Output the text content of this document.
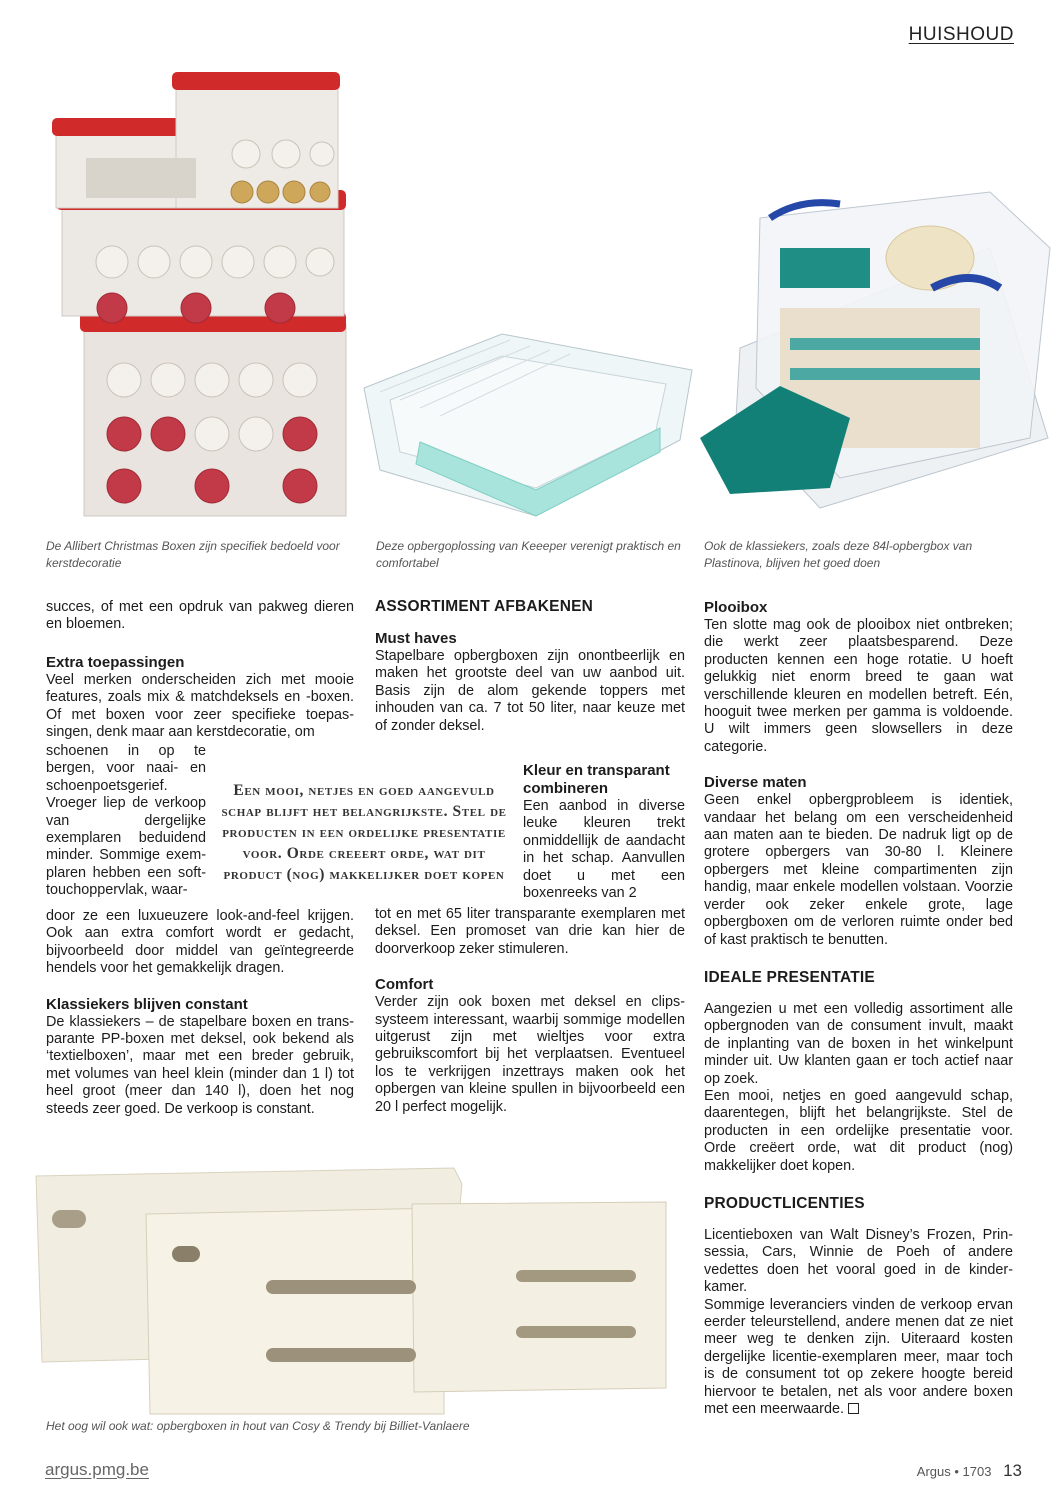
HUISHOUD
De Allibert Christmas Boxen zijn specifiek bedoeld voor kerstdecoratie
Deze opbergoplossing van Keeeper verenigt praktisch en comfortabel
Ook de klassiekers, zoals deze 84l-opbergbox van Plastinova, blijven het goed doen
Het oog wil ook wat: opbergboxen in hout van Cosy & Trendy bij Billiet-Vanlaere

succes, of met een opdruk van pakweg dieren en bloemen.

Extra toepassingen

Veel merken onderscheiden zich met mooie features, zoals mix & matchdeksels en -boxen. Of met boxen voor zeer specifieke toepas- singen, denk maar aan kerstdecoratie, om

schoenen in op te bergen, voor naai- en schoenpoetsgerief. Vroeger liep de verkoop van dergelijke exemplaren beduidend minder. Sommige exem- plaren hebben een soft- touchoppervlak, waar-

door ze een luxueuzere look-and-feel krijgen. Ook aan extra comfort wordt er gedacht, bijvoorbeeld door middel van geïntegreerde hendels voor het gemakkelijk dragen.

Klassiekers blijven constant

De klassiekers – de stapelbare boxen en trans- parante PP-boxen met deksel, ook bekend als ‘textielboxen’, maar met een breder gebruik, met volumes van heel klein (minder dan 1 l) tot heel groot (meer dan 140 l), doen het nog steeds zeer goed. De verkoop is constant.

Een mooi, netjes en goed aangevuld schap blijft het belangrijkste. Stel de producten in een ordelijke presentatie voor. Orde creeert orde, wat dit product (nog) makkelijker doet kopen
ASSORTIMENT AFBAKENEN
Must haves

Stapelbare opbergboxen zijn onontbeerlijk en maken het grootste deel van uw aanbod uit. Basis zijn de alom gekende toppers met inhouden van ca. 7 tot 50 liter, naar keuze met of zonder deksel.

Kleur en transparant combineren

Een aanbod in diverse leuke kleuren trekt onmiddellijk de aandacht in het schap. Aanvullen doet u met een boxenreeks van 2

tot en met 65 liter transparante exemplaren met deksel. Een promoset van drie kan hier de doorverkoop zeker stimuleren.

Comfort

Verder zijn ook boxen met deksel en clips- systeem interessant, waarbij sommige modellen uitgerust zijn met wieltjes voor extra gebruikscomfort bij het verplaatsen. Eventueel los te verkrijgen inzettrays maken ook het opbergen van kleine spullen in bijvoorbeeld een 20 l perfect mogelijk.

Plooibox

Ten slotte mag ook de plooibox niet ontbreken; die werkt zeer plaatsbesparend. Deze producten kennen een hoge rotatie. U hoeft gelukkig niet enorm breed te gaan wat verschillende kleuren en modellen betreft. Eén, hooguit twee merken per gamma is voldoende. U wilt immers geen slowsellers in deze categorie.

Diverse maten

Geen enkel opbergprobleem is identiek, vandaar het belang om een verscheidenheid aan maten aan te bieden. De nadruk ligt op de grotere opbergers van 30-80 l. Kleinere opbergers met kleine compartimenten zijn handig, maar enkele modellen volstaan. Voorzie verder ook zeker enkele grote, lage opbergboxen om de verloren ruimte onder bed of kast praktisch te benutten.

IDEALE PRESENTATIE

Aangezien u met een volledig assortiment alle opbergnoden van de consument invult, maakt de inplanting van de boxen in het winkelpunt minder uit. Uw klanten gaan er toch actief naar op zoek.

Een mooi, netjes en goed aangevuld schap, daarentegen, blijft het belangrijkste. Stel de producten in een ordelijke presentatie voor. Orde creëert orde, wat dit product (nog) makkelijker doet kopen.

PRODUCTLICENTIES

Licentieboxen van Walt Disney’s Frozen, Prin- sessia, Cars, Winnie de Poeh of andere vedettes doen het vooral goed in de kinder- kamer.

Sommige leveranciers vinden de verkoop ervan eerder teleurstellend, andere menen dat ze niet meer weg te denken zijn. Uiteraard kosten dergelijke licentie-exemplaren meer, maar toch is de consument tot op zekere hoogte bereid hiervoor te betalen, net als voor andere boxen met een meerwaarde.

argus.pmg.be	Argus • 1703 13
